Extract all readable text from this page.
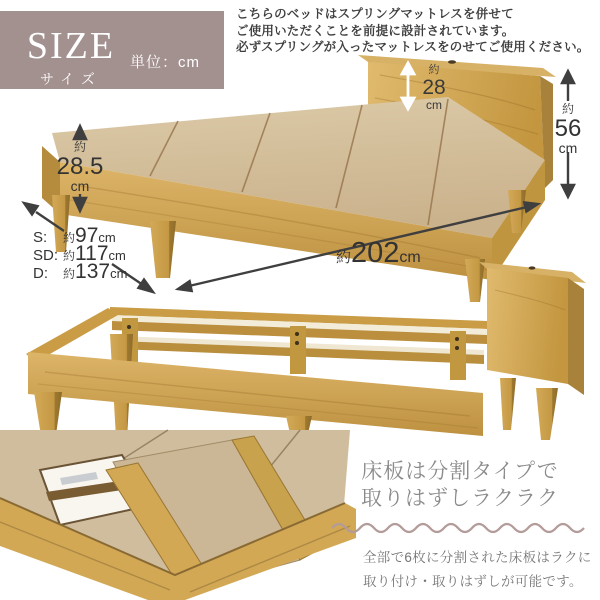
SIZE
サイズ
単位：cm
こちらのベッドはスプリングマットレスを併せて
ご使用いただくことを前提に設計されています。
必ずスプリングが入ったマットレスをのせてご使用ください。
約
28.5
cm
約
28
cm	約
56
cm
S: 約97cm
SD: 約117cm
D: 約137cm
約202cm
床板は分割タイプで
取りはずしラクラク
全部で6枚に分割された床板はラクに
取り付け・取りはずしが可能です。
